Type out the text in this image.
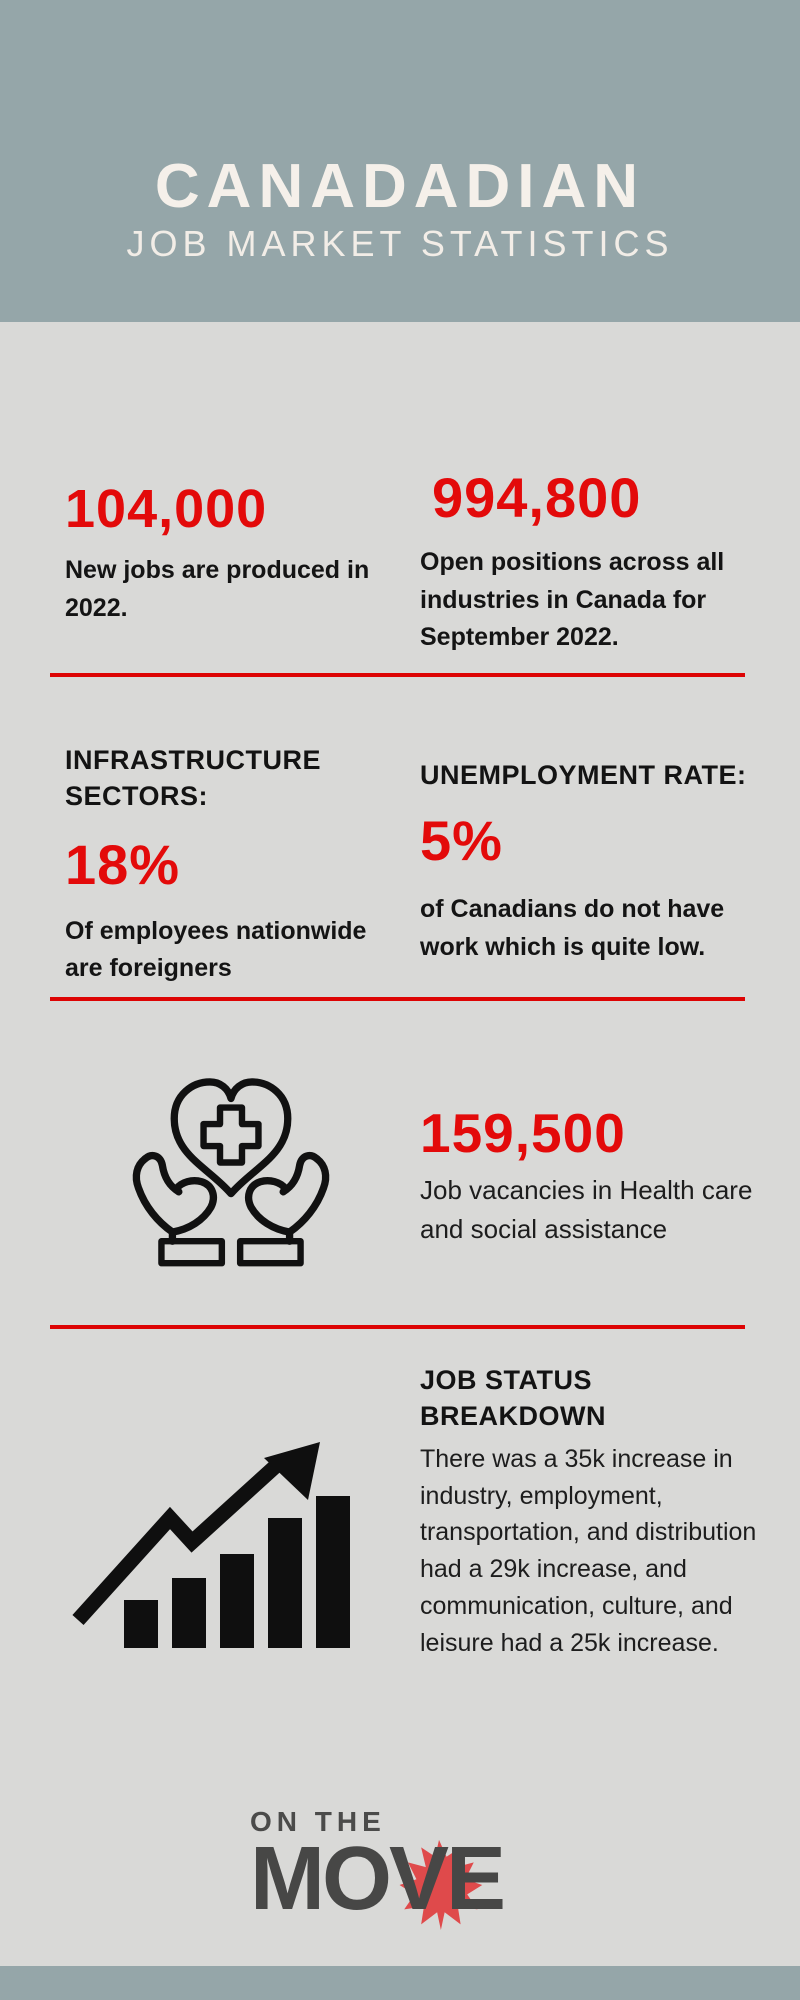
CANADADIAN
JOB MARKET STATISTICS
104,000
New jobs are produced in 2022.
994,800
Open positions across all industries in Canada for September 2022.
INFRASTRUCTURE SECTORS:
18%
Of employees nationwide are foreigners
UNEMPLOYMENT RATE:
5%
of Canadians do not have work which is quite low.
159,500
Job vacancies in Health care and social assistance
JOB STATUS BREAKDOWN
There was a 35k increase in industry, employment, transportation, and distribution had a 29k increase, and communication, culture, and leisure had a 25k increase.
ON THE
MOVE
